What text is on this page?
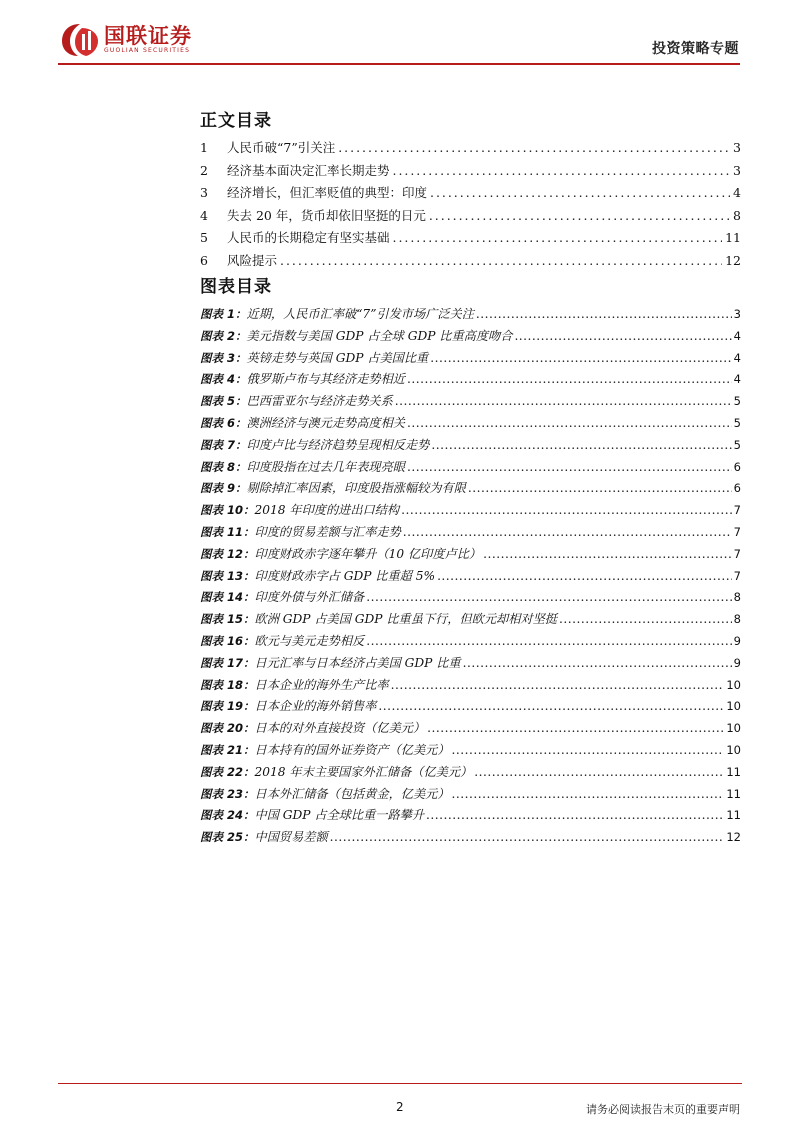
国联证券
GUOLIAN SECURITIES	投资策略专题
正文目录
1	人民币破“7”引关注 . . .	3
2	经济基本面决定汇率长期走势 . . .	3
3	经济增长，但汇率贬值的典型：印度 . . .	4
4	失去 20 年，货币却依旧坚挺的日元 . . .	8
5	人民币的长期稳定有坚实基础 . . .	11
6	风险提示 . . .	12
图表目录
图表 1： 近期，人民币汇率破“7”引发市场广泛关注 .....	3
图表 2： 美元指数与美国 GDP 占全球 GDP 比重高度吻合 .....	4
图表 3： 英镑走势与英国 GDP 占美国比重 .....	4
图表 4： 俄罗斯卢布与其经济走势相近 .....	4
图表 5： 巴西雷亚尔与经济走势关系 .....	5
图表 6： 澳洲经济与澳元走势高度相关 .....	5
图表 7： 印度卢比与经济趋势呈现相反走势 .....	5
图表 8： 印度股指在过去几年表现亮眼 .....	6
图表 9： 剔除掉汇率因素，印度股指涨幅较为有限 .....	6
图表 10： 2018 年印度的进出口结构 .....	7
图表 11： 印度的贸易差额与汇率走势 .....	7
图表 12： 印度财政赤字逐年攀升（10 亿印度卢比） .....	7
图表 13： 印度财政赤字占 GDP 比重超 5% .....	7
图表 14： 印度外债与外汇储备 .....	8
图表 15： 欧洲 GDP 占美国 GDP 比重虽下行，但欧元却相对坚挺 .....	8
图表 16： 欧元与美元走势相反 .....	9
图表 17： 日元汇率与日本经济占美国 GDP 比重 .....	9
图表 18： 日本企业的海外生产比率 .....	10
图表 19： 日本企业的海外销售率 .....	10
图表 20： 日本的对外直接投资（亿美元） .....	10
图表 21： 日本持有的国外证券资产（亿美元） .....	10
图表 22： 2018 年末主要国家外汇储备（亿美元） .....	11
图表 23： 日本外汇储备（包括黄金，亿美元） .....	11
图表 24： 中国 GDP 占全球比重一路攀升 .....	11
图表 25： 中国贸易差额 .....	12
2	请务必阅读报告末页的重要声明
